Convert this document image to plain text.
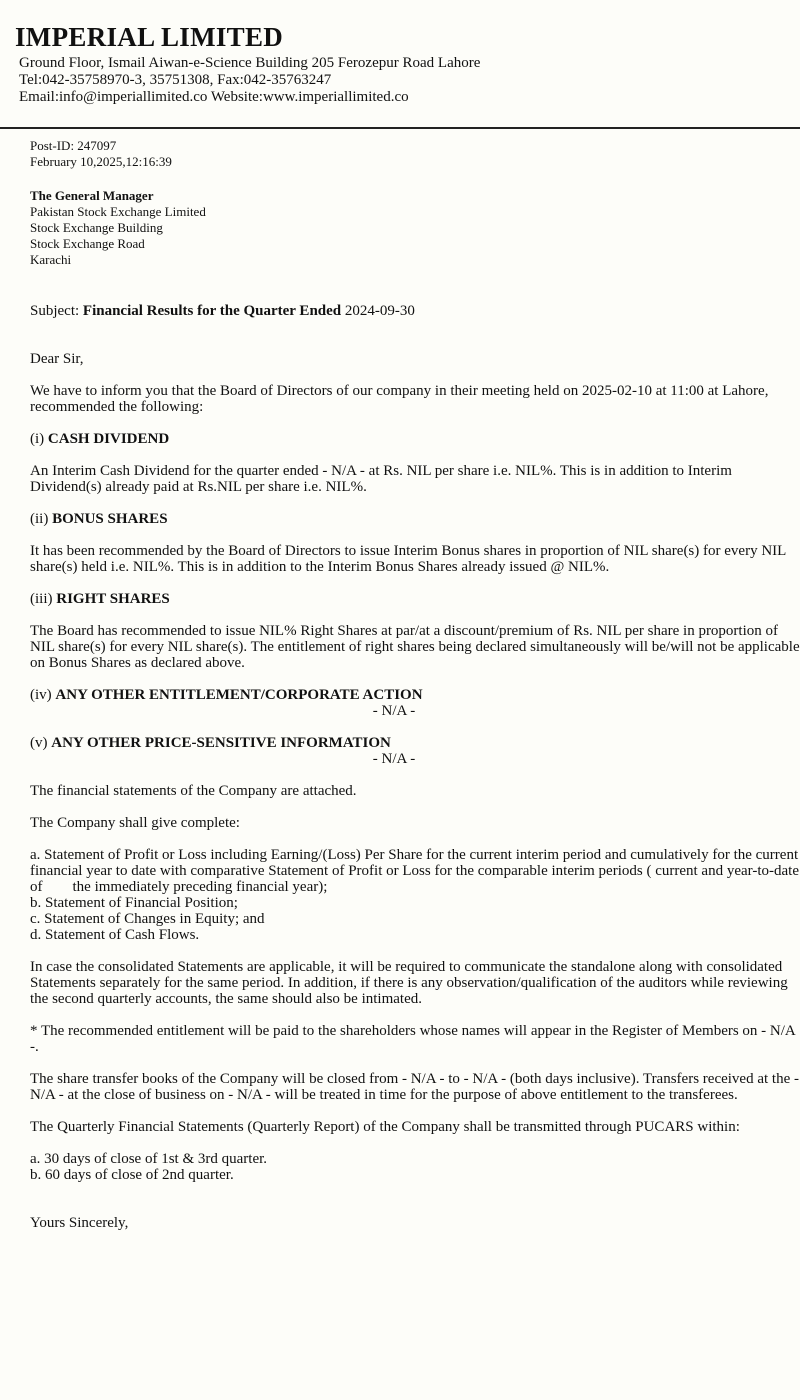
IMPERIAL LIMITED
Ground Floor, Ismail Aiwan-e-Science Building 205 Ferozepur Road Lahore
Tel:042-35758970-3, 35751308, Fax:042-35763247
Email:info@imperiallimited.co Website:www.imperiallimited.co
Post-ID: 247097
February 10,2025,12:16:39
The General Manager
Pakistan Stock Exchange Limited
Stock Exchange Building
Stock Exchange Road
Karachi
Subject: Financial Results for the Quarter Ended 2024-09-30
Dear Sir,
We have to inform you that the Board of Directors of our company in their meeting held on 2025-02-10 at 11:00 at Lahore, recommended the following:
(i) CASH DIVIDEND
An Interim Cash Dividend for the quarter ended - N/A - at Rs. NIL per share i.e. NIL%. This is in addition to Interim Dividend(s) already paid at Rs.NIL per share i.e. NIL%.
(ii) BONUS SHARES
It has been recommended by the Board of Directors to issue Interim Bonus shares in proportion of NIL share(s) for every NIL share(s) held i.e. NIL%. This is in addition to the Interim Bonus Shares already issued @ NIL%.
(iii) RIGHT SHARES
The Board has recommended to issue NIL% Right Shares at par/at a discount/premium of Rs. NIL per share in proportion of NIL share(s) for every NIL share(s). The entitlement of right shares being declared simultaneously will be/will not be applicable on Bonus Shares as declared above.
(iv) ANY OTHER ENTITLEMENT/CORPORATE ACTION
- N/A -
(v) ANY OTHER PRICE-SENSITIVE INFORMATION
- N/A -
The financial statements of the Company are attached.
The Company shall give complete:
a. Statement of Profit or Loss including Earning/(Loss) Per Share for the current interim period and cumulatively for the current              financial year to date with comparative Statement of Profit or Loss for the comparable interim periods ( current and year-to-date of        the immediately preceding financial year);
b. Statement of Financial Position;
c. Statement of Changes in Equity; and
d. Statement of Cash Flows.
In case the consolidated Statements are applicable, it will be required to communicate the standalone along with consolidated Statements separately for the same period. In addition, if there is any observation/qualification of the auditors while reviewing the second quarterly accounts, the same should also be intimated.
* The recommended entitlement will be paid to the shareholders whose names will appear in the Register of Members on - N/A -.
The share transfer books of the Company will be closed from - N/A - to - N/A - (both days inclusive). Transfers received at the - N/A - at the close of business on - N/A - will be treated in time for the purpose of above entitlement to the transferees.
The Quarterly Financial Statements (Quarterly Report) of the Company shall be transmitted through PUCARS within:
a. 30 days of close of 1st & 3rd quarter.
b. 60 days of close of 2nd quarter.
Yours Sincerely,
